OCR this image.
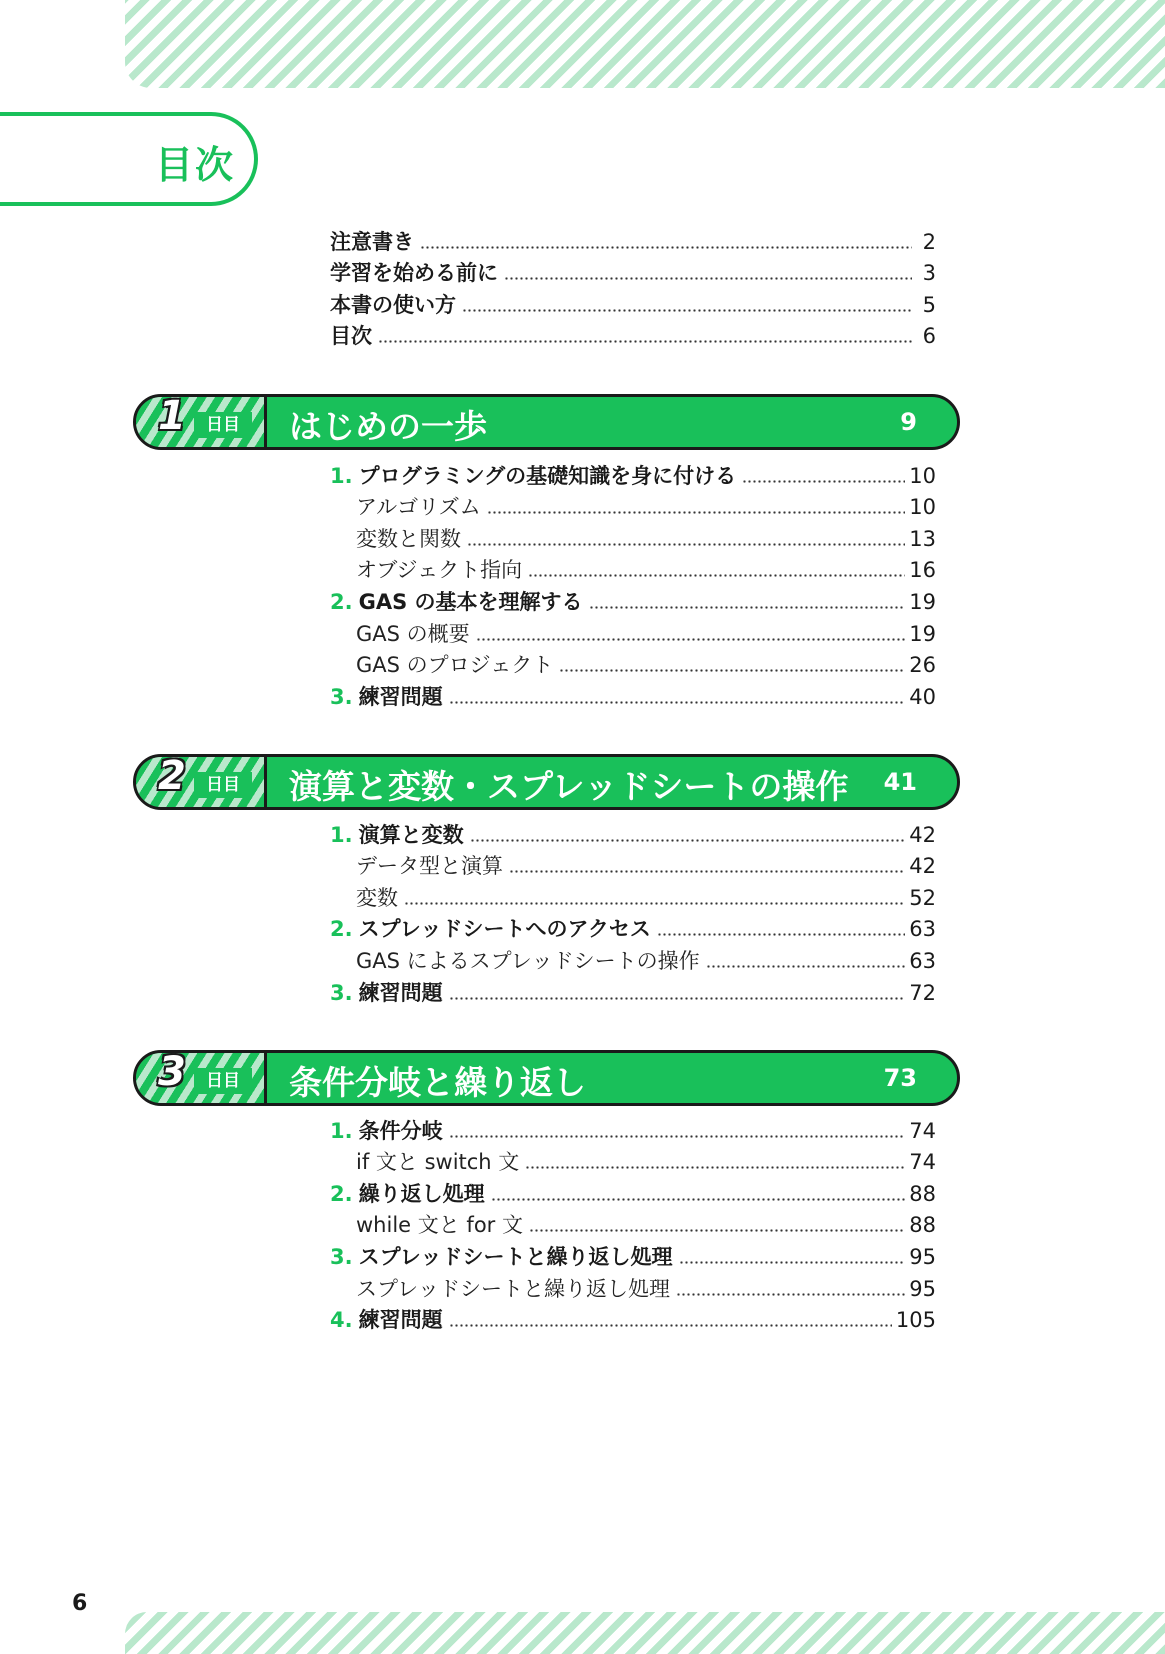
目次
注意書き	2
学習を始める前に	3
本書の使い方	5
目次	6
1	日目	はじめの一歩	9
1. プログラミングの基礎知識を身に付ける	10
アルゴリズム	10
変数と関数	13
オブジェクト指向	16
2. GAS の基本を理解する	19
GAS の概要	19
GAS のプロジェクト	26
3. 練習問題	40
2	日目	演算と変数・スプレッドシートの操作 41
1. 演算と変数	42
データ型と演算	42
変数	52
2. スプレッドシートへのアクセス	63
GAS によるスプレッドシートの操作	63
3. 練習問題	72
3	日目	条件分岐と繰り返し	73
1. 条件分岐	74
if 文と switch 文	74
2. 繰り返し処理	88
while 文と for 文	88
3. スプレッドシートと繰り返し処理	95
スプレッドシートと繰り返し処理	95
4. 練習問題	105
6
